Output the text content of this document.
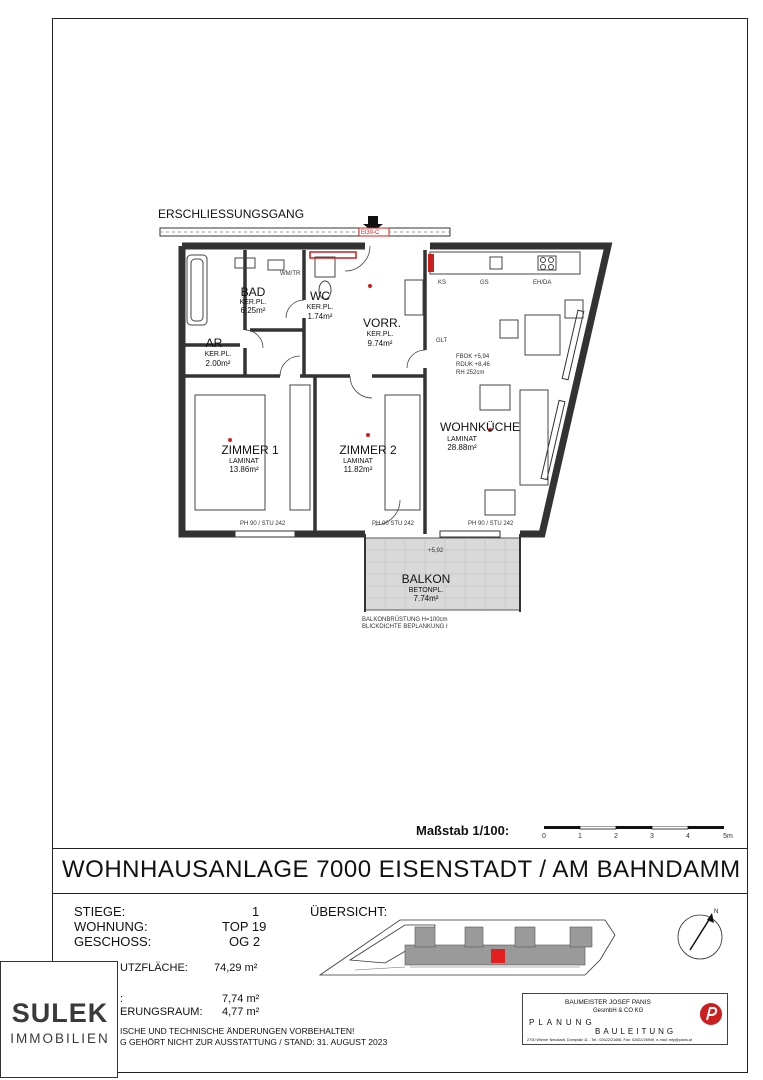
KS	GS	EH/DA
WM/TR
GLT
PH 90 / STU 242	PH 00 STU 242	PH 90 / STU 242
FBOK +5,94
RDUK +8,46
RH 252cm
+5,92
BALKONBRÜSTUNG H=100cm
BLICKDICHTE BEPLANKUNG I
El30-C
ERSCHLIESSUNGSGANG
BAD
KER.PL.
6.25m²
WC
KER.PL.
1.74m²	VORR.
KER.PL.
9.74m²
AR
KER.PL.
2.00m²
ZIMMER 1
LAMINAT
13.86m²
ZIMMER 2
LAMINAT
11.82m²
WOHNKÜCHE
LAMINAT
28.88m²
BALKON
BETONPL.
7.74m²
Maßstab 1/100:	0	1	2	3	4	5m
WOHNHAUSANLAGE 7000 EISENSTADT / AM BAHNDAMM
STIEGE:	1
WOHNUNG:	TOP 19
GESCHOSS:	OG 2
UTZFLÄCHE: 74,29 m²
:	7,74 m²
ERUNGSRAUM: 4,77 m²
ISCHE UND TECHNISCHE ÄNDERUNGEN VORBEHALTEN!
G GEHÖRT NICHT ZUR AUSSTATTUNG / STAND: 31. AUGUST 2023
ÜBERSICHT:	N
BAUMEISTER JOSEF PANIS
GesmbH & CO KG
PLANUNG
BAULEITUNG
2700 Wiener Neustadt, Domplatz 11 - Tel.: 02622/21666, Fax: 02622/26949, e-mail: mfy@panis.at
SULEK
IMMOBILIEN
